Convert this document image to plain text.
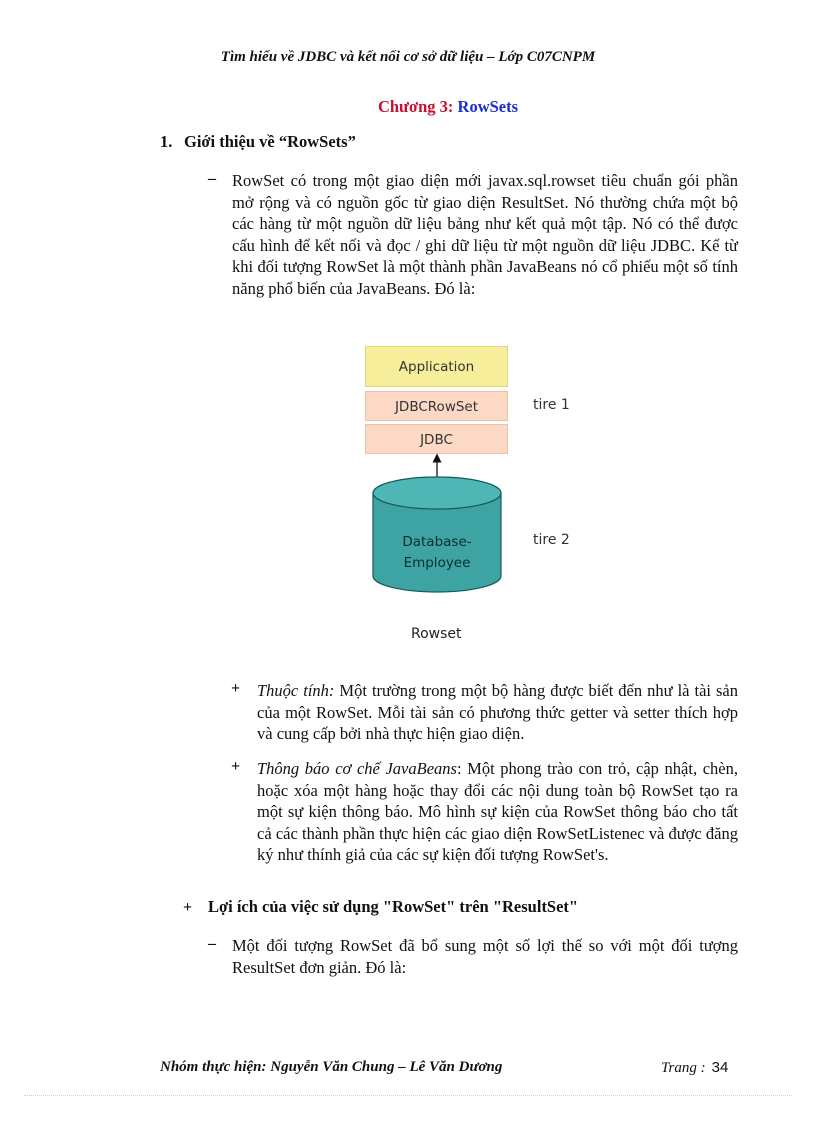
Tìm hiểu về JDBC và kết nối cơ sở dữ liệu – Lớp C07CNPM
Chương 3: RowSets
1. Giới thiệu về “RowSets”
– RowSet có trong một giao diện mới javax.sql.rowset tiêu chuẩn gói phần mở rộng và có nguồn gốc từ giao diện ResultSet. Nó thường chứa một bộ các hàng từ một nguồn dữ liệu bảng như kết quả một tập. Nó có thể được cấu hình để kết nối và đọc / ghi dữ liệu từ một nguồn dữ liệu JDBC. Kể từ khi đối tượng RowSet là một thành phần JavaBeans nó cổ phiếu một số tính năng phổ biến của JavaBeans. Đó là:

Application
JDBCRowSet
JDBC
tire 1
Database-
Employee
tire 2
Rowset
+ Thuộc tính: Một trường trong một bộ hàng được biết đến như là tài sản của một RowSet. Mỗi tài sản có phương thức getter và setter thích hợp và cung cấp bởi nhà thực hiện giao diện.

+ Thông báo cơ chế JavaBeans: Một phong trào con trỏ, cập nhật, chèn, hoặc xóa một hàng hoặc thay đổi các nội dung toàn bộ RowSet tạo ra một sự kiện thông báo. Mô hình sự kiện của RowSet thông báo cho tất cả các thành phần thực hiện các giao diện RowSetListenec và được đăng ký như thính giả của các sự kiện đối tượng RowSet's.

+ Lợi ích của việc sử dụng "RowSet" trên "ResultSet"
– Một đối tượng RowSet đã bổ sung một số lợi thế so với một đối tượng ResultSet đơn giản. Đó là:

Nhóm thực hiện: Nguyễn Văn Chung – Lê Văn Dương	Trang : 34
